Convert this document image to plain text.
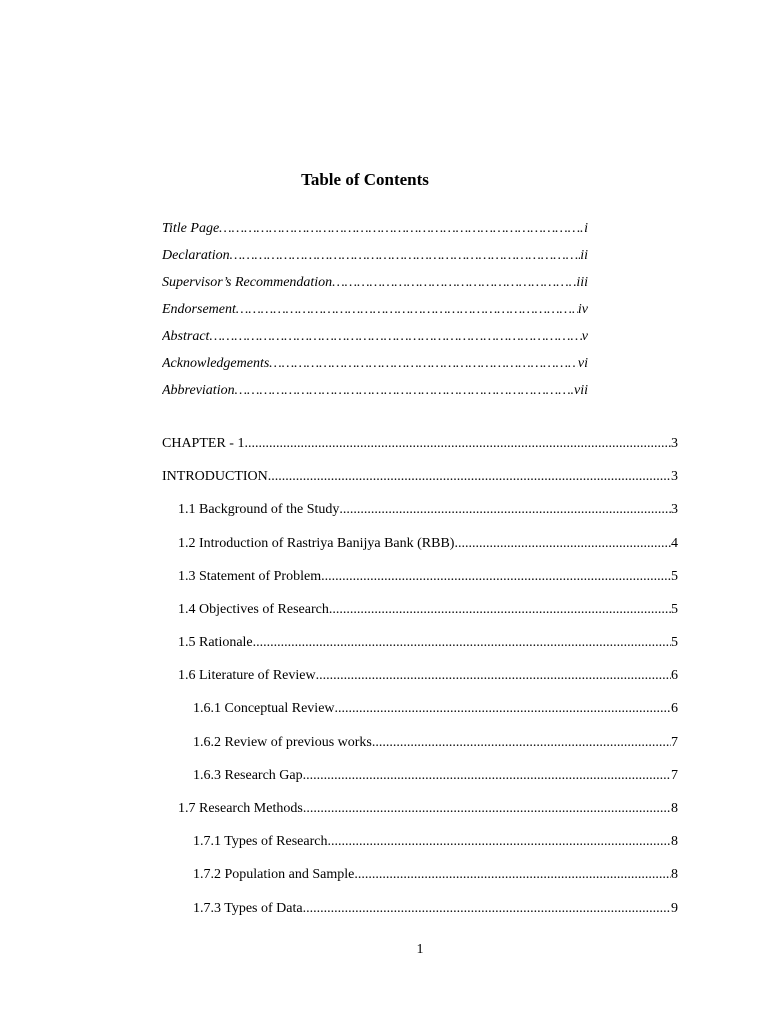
Table of Contents
Title Page …………………………………………………………………………………………………………………………………………………………………	i
Declaration …………………………………………………………………………………………………………………………………………………………………	ii
Supervisor’s Recommendation …………………………………………………………………………………………………………………………………………………………………	iii
Endorsement …………………………………………………………………………………………………………………………………………………………………	iv
Abstract …………………………………………………………………………………………………………………………………………………………………	v
Acknowledgements …………………………………………………………………………………………………………………………………………………………………	vi
Abbreviation …………………………………………………………………………………………………………………………………………………………………	vii
CHAPTER - 1 .....	3
INTRODUCTION .....	3
1.1 Background of the Study .....	3
1.2 Introduction of Rastriya Banijya Bank (RBB) .....	4
1.3 Statement of Problem .....	5
1.4 Objectives of Research .....	5
1.5 Rationale .....	5
1.6 Literature of Review .....	6
1.6.1 Conceptual Review .....	6
1.6.2 Review of previous works .....	7
1.6.3 Research Gap .....	7
1.7 Research Methods .....	8
1.7.1 Types of Research .....	8
1.7.2 Population and Sample .....	8
1.7.3 Types of Data .....	9
1
